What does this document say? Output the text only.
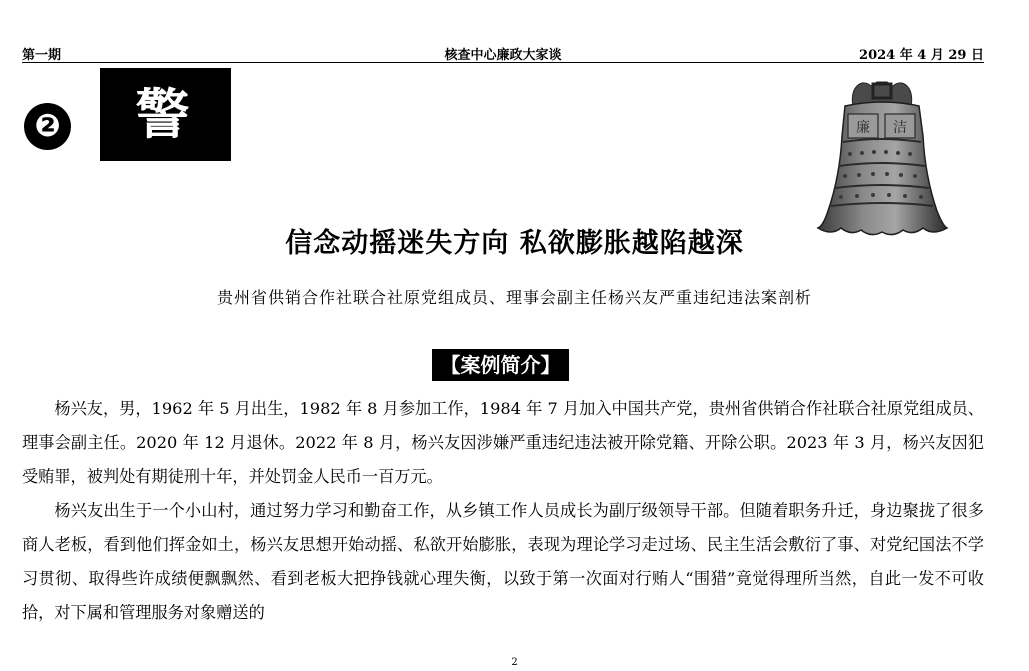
第一期	核查中心廉政大家谈	2024 年 4 月 29 日
❷	警 钟
廉 洁
信念动摇迷失方向 私欲膨胀越陷越深
贵州省供销合作社联合社原党组成员、理事会副主任杨兴友严重违纪违法案剖析
【案例简介】

杨兴友，男，1962 年 5 月出生，1982 年 8 月参加工作，1984 年 7 月加入中国共产党，贵州省供销合作社联合社原党组成员、理事会副主任。2020 年 12 月退休。2022 年 8 月，杨兴友因涉嫌严重违纪违法被开除党籍、开除公职。2023 年 3 月，杨兴友因犯受贿罪，被判处有期徒刑十年，并处罚金人民币一百万元。

杨兴友出生于一个小山村，通过努力学习和勤奋工作，从乡镇工作人员成长为副厅级领导干部。但随着职务升迁，身边聚拢了很多商人老板，看到他们挥金如土，杨兴友思想开始动摇、私欲开始膨胀，表现为理论学习走过场、民主生活会敷衍了事、对党纪国法不学习贯彻、取得些许成绩便飘飘然、看到老板大把挣钱就心理失衡，以致于第一次面对行贿人“围猎”竟觉得理所当然，自此一发不可收拾，对下属和管理服务对象赠送的

2
